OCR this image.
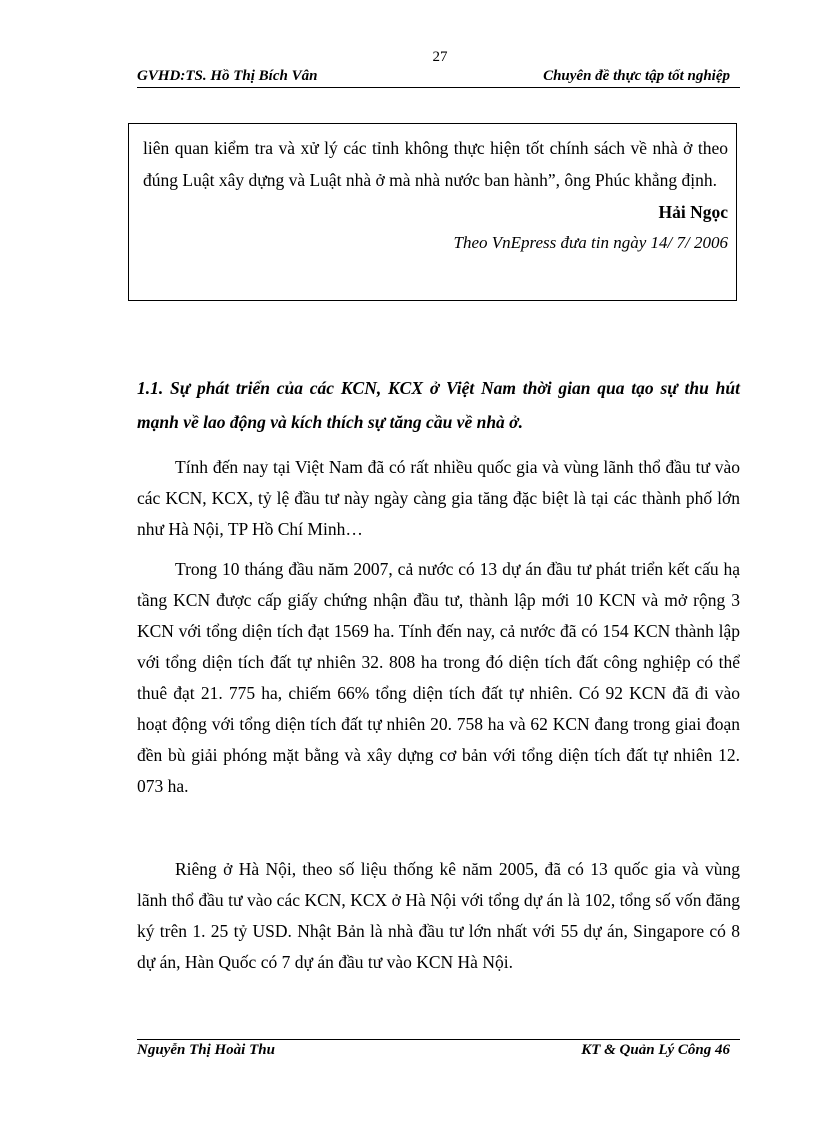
27
GVHD:TS. Hồ Thị Bích Vân	Chuyên đề thực tập tốt nghiệp

liên quan kiểm tra và xử lý các tỉnh không thực hiện tốt chính sách về nhà ở theo đúng Luật xây dựng và Luật nhà ở mà nhà nước ban hành”, ông Phúc khẳng định.

Hải Ngọc

Theo VnEpress đưa tin ngày 14/ 7/ 2006

1.1. Sự phát triển của các KCN, KCX ở Việt Nam thời gian qua tạo sự thu hút mạnh về lao động và kích thích sự tăng cầu về nhà ở.

Tính đến nay tại Việt Nam đã có rất nhiều quốc gia và vùng lãnh thổ đầu tư vào các KCN, KCX, tỷ lệ đầu tư này ngày càng gia tăng đặc biệt là tại các thành phố lớn như Hà Nội, TP Hồ Chí Minh…

Trong 10 tháng đầu năm 2007, cả nước có 13 dự án đầu tư phát triển kết cấu hạ tầng KCN được cấp giấy chứng nhận đầu tư, thành lập mới 10 KCN và mở rộng 3 KCN với tổng diện tích đạt 1569 ha. Tính đến nay, cả nước đã có 154 KCN thành lập với tổng diện tích đất tự nhiên 32. 808 ha trong đó diện tích đất công nghiệp có thể thuê đạt 21. 775 ha, chiếm 66% tổng diện tích đất tự nhiên. Có 92 KCN đã đi vào hoạt động với tổng diện tích đất tự nhiên 20. 758 ha và 62 KCN đang trong giai đoạn đền bù giải phóng mặt bằng và xây dựng cơ bản với tổng diện tích đất tự nhiên 12. 073 ha.

Riêng ở Hà Nội, theo số liệu thống kê năm 2005, đã có 13 quốc gia và vùng lãnh thổ đầu tư vào các KCN, KCX ở Hà Nội với tổng dự án là 102, tổng số vốn đăng ký trên 1. 25 tỷ USD. Nhật Bản là nhà đầu tư lớn nhất với 55 dự án, Singapore có 8 dự án, Hàn Quốc có 7 dự án đầu tư vào KCN Hà Nội.

Nguyễn Thị Hoài Thu	KT & Quản Lý Công 46
